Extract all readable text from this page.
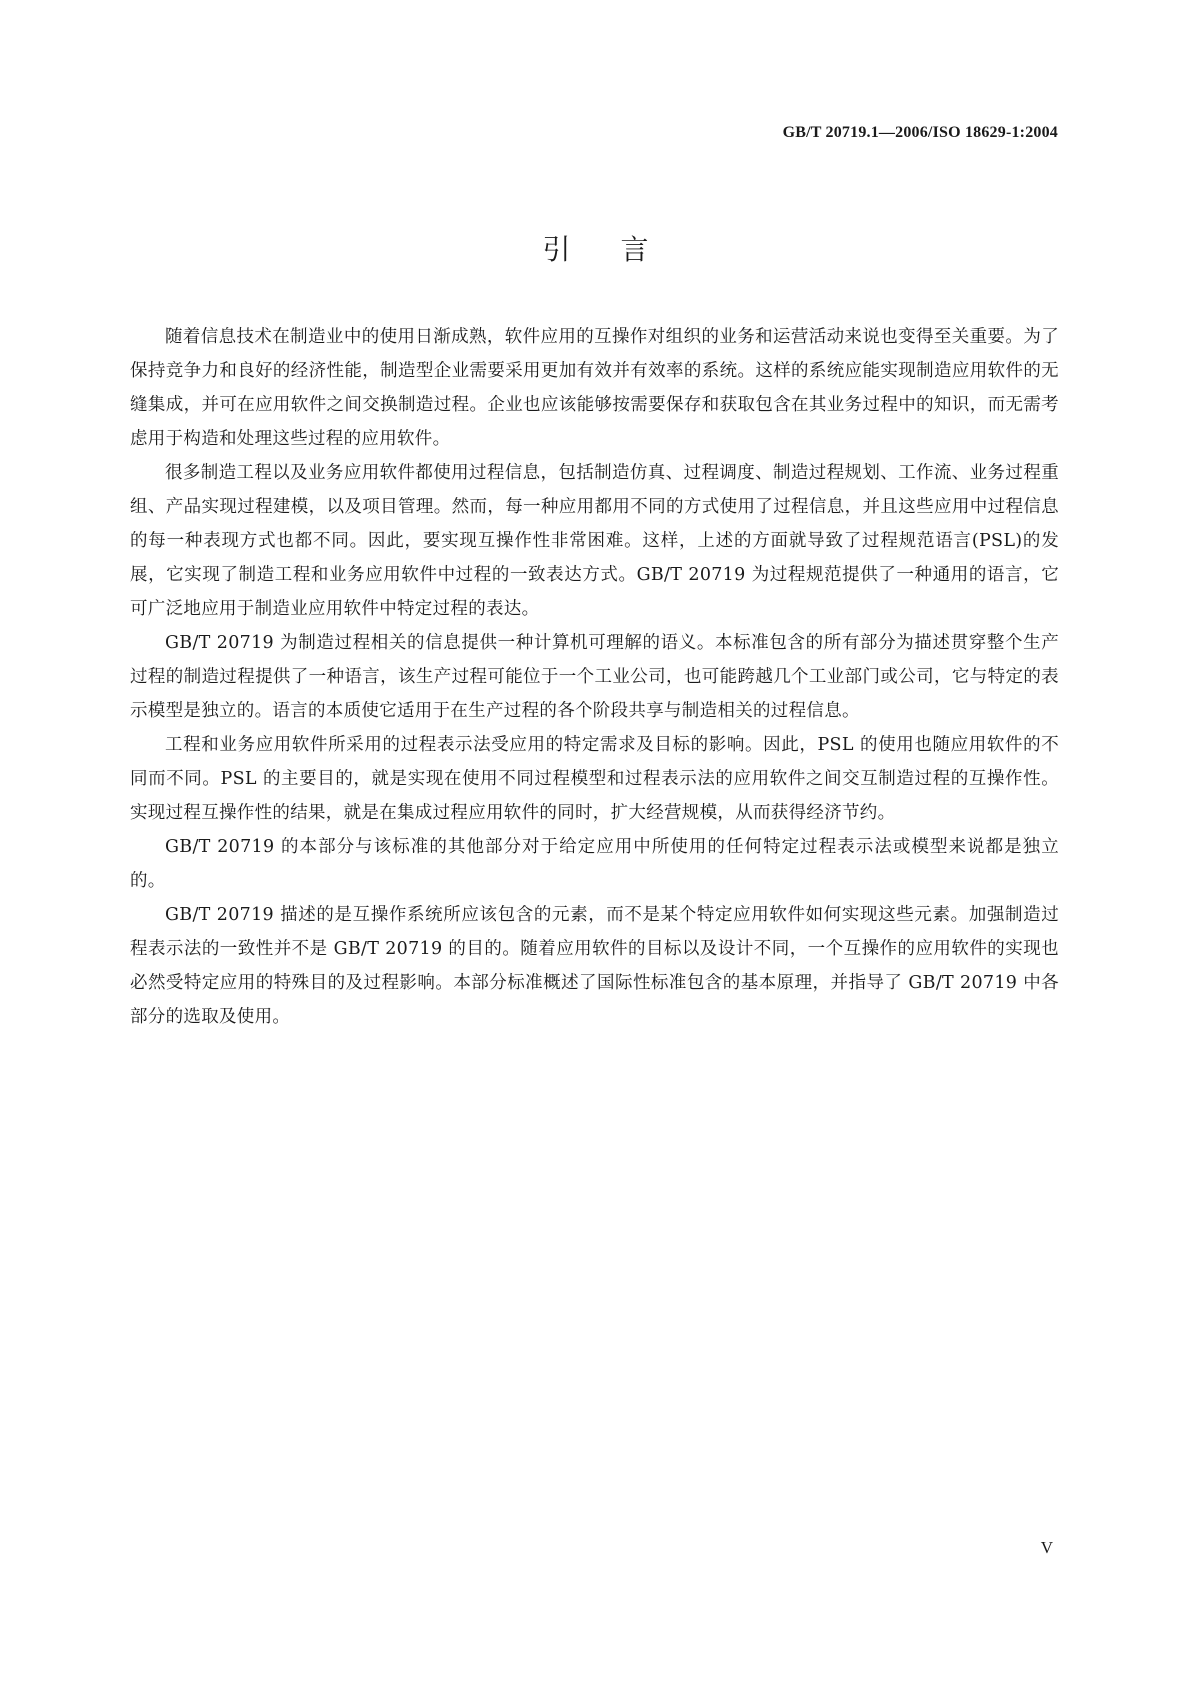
GB/T 20719.1—2006/ISO 18629-1:2004
引言

随着信息技术在制造业中的使用日渐成熟，软件应用的互操作对组织的业务和运营活动来说也变得至关重要。为了保持竞争力和良好的经济性能，制造型企业需要采用更加有效并有效率的系统。这样的系统应能实现制造应用软件的无缝集成，并可在应用软件之间交换制造过程。企业也应该能够按需要保存和获取包含在其业务过程中的知识，而无需考虑用于构造和处理这些过程的应用软件。

很多制造工程以及业务应用软件都使用过程信息，包括制造仿真、过程调度、制造过程规划、工作流、业务过程重组、产品实现过程建模，以及项目管理。然而，每一种应用都用不同的方式使用了过程信息，并且这些应用中过程信息的每一种表现方式也都不同。因此，要实现互操作性非常困难。这样，上述的方面就导致了过程规范语言(PSL)的发展，它实现了制造工程和业务应用软件中过程的一致表达方式。GB/T 20719 为过程规范提供了一种通用的语言，它可广泛地应用于制造业应用软件中特定过程的表达。

GB/T 20719 为制造过程相关的信息提供一种计算机可理解的语义。本标准包含的所有部分为描述贯穿整个生产过程的制造过程提供了一种语言，该生产过程可能位于一个工业公司，也可能跨越几个工业部门或公司，它与特定的表示模型是独立的。语言的本质使它适用于在生产过程的各个阶段共享与制造相关的过程信息。

工程和业务应用软件所采用的过程表示法受应用的特定需求及目标的影响。因此，PSL 的使用也随应用软件的不同而不同。PSL 的主要目的，就是实现在使用不同过程模型和过程表示法的应用软件之间交互制造过程的互操作性。实现过程互操作性的结果，就是在集成过程应用软件的同时，扩大经营规模，从而获得经济节约。

GB/T 20719 的本部分与该标准的其他部分对于给定应用中所使用的任何特定过程表示法或模型来说都是独立的。

GB/T 20719 描述的是互操作系统所应该包含的元素，而不是某个特定应用软件如何实现这些元素。加强制造过程表示法的一致性并不是 GB/T 20719 的目的。随着应用软件的目标以及设计不同，一个互操作的应用软件的实现也必然受特定应用的特殊目的及过程影响。本部分标准概述了国际性标准包含的基本原理，并指导了 GB/T 20719 中各部分的选取及使用。

V
